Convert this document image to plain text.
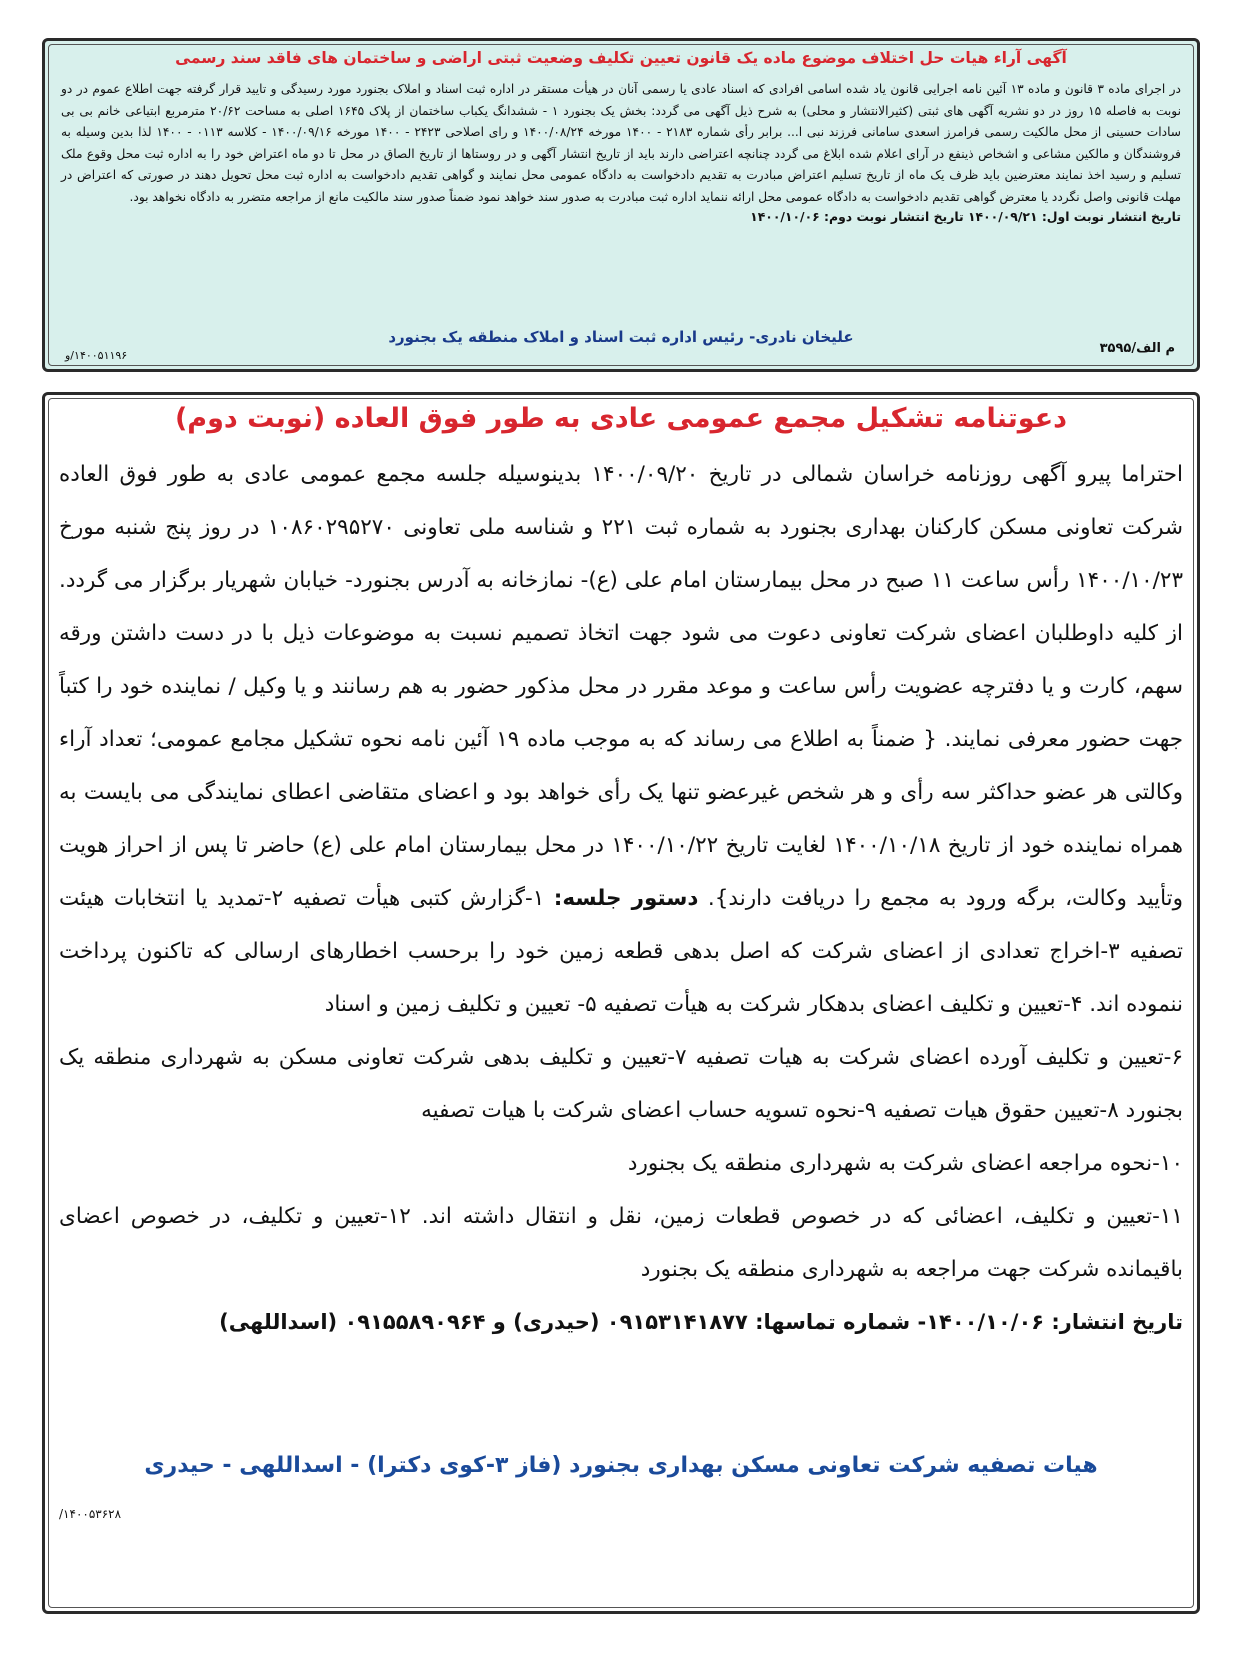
آگهی آراء هیات حل اختلاف موضوع ماده یک قانون تعیین تکلیف وضعیت ثبتی اراضی و ساختمان های فاقد سند رسمی

در اجرای ماده ۳ قانون و ماده ۱۳ آئین نامه اجرایی قانون یاد شده اسامی افرادی که اسناد عادی یا رسمی آنان در هیأت مستقر در اداره ثبت اسناد و املاک بجنورد مورد رسیدگی و تایید قرار گرفته جهت اطلاع عموم در دو نوبت به فاصله ۱۵ روز در دو نشریه آگهی های ثبتی (کثیرالانتشار و محلی) به شرح ذیل آگهی می گردد: بخش یک بجنورد ۱ - ششدانگ یکباب ساختمان از پلاک ۱۶۴۵ اصلی به مساحت ۲۰/۶۲ مترمربع ابتیاعی خانم بی بی سادات حسینی از محل مالکیت رسمی فرامرز اسعدی سامانی فرزند نبی ا... برابر رأی شماره ۲۱۸۳ - ۱۴۰۰ مورخه ۱۴۰۰/۰۸/۲۴ و رای اصلاحی ۲۴۲۳ - ۱۴۰۰ مورخه ۱۴۰۰/۰۹/۱۶ - کلاسه ۰۱۱۳ - ۱۴۰۰ لذا بدین وسیله به فروشندگان و مالکین مشاعی و اشخاص ذینفع در آرای اعلام شده ابلاغ می گردد چنانچه اعتراضی دارند باید از تاریخ انتشار آگهی و در روستاها از تاریخ الصاق در محل تا دو ماه اعتراض خود را به اداره ثبت محل وقوع ملک تسلیم و رسید اخذ نمایند معترضین باید ظرف یک ماه از تاریخ تسلیم اعتراض مبادرت به تقدیم دادخواست به دادگاه عمومی محل نمایند و گواهی تقدیم دادخواست به اداره ثبت محل تحویل دهند در صورتی که اعتراض در مهلت قانونی واصل نگردد یا معترض گواهی تقدیم دادخواست به دادگاه عمومی محل ارائه ننماید اداره ثبت مبادرت به صدور سند خواهد نمود ضمناً صدور سند مالکیت مانع از مراجعه متضرر به دادگاه نخواهد بود.

تاریخ انتشار نوبت اول: ۱۴۰۰/۰۹/۲۱ تاریخ انتشار نوبت دوم: ۱۴۰۰/۱۰/۰۶
علیخان نادری- رئیس اداره ثبت اسناد و املاک منطقه یک بجنورد
م الف/۳۵۹۵
۱۴۰۰۵۱۱۹۶/و

دعوتنامه تشکیل مجمع عمومی عادی به طور فوق العاده (نوبت دوم)

احتراما پیرو آگهی روزنامه خراسان شمالی در تاریخ ۱۴۰۰/۰۹/۲۰ بدینوسیله جلسه مجمع عمومی عادی به طور فوق العاده شرکت تعاونی مسکن کارکنان بهداری بجنورد به شماره ثبت ۲۲۱ و شناسه ملی تعاونی ۱۰۸۶۰۲۹۵۲۷۰ در روز پنج شنبه مورخ ۱۴۰۰/۱۰/۲۳ رأس ساعت ۱۱ صبح در محل بیمارستان امام علی (ع)- نمازخانه به آدرس بجنورد- خیابان شهریار برگزار می گردد. از کلیه داوطلبان اعضای شرکت تعاونی دعوت می شود جهت اتخاذ تصمیم نسبت به موضوعات ذیل با در دست داشتن ورقه سهم، کارت و یا دفترچه عضویت رأس ساعت و موعد مقرر در محل مذکور حضور به هم رسانند و یا وکیل / نماینده خود را کتباً جهت حضور معرفی نمایند. { ضمناً به اطلاع می رساند که به موجب ماده ۱۹ آئین نامه نحوه تشکیل مجامع عمومی؛ تعداد آراء وکالتی هر عضو حداکثر سه رأی و هر شخص غیرعضو تنها یک رأی خواهد بود و اعضای متقاضی اعطای نمایندگی می بایست به همراه نماینده خود از تاریخ ۱۴۰۰/۱۰/۱۸ لغایت تاریخ ۱۴۰۰/۱۰/۲۲ در محل بیمارستان امام علی (ع) حاضر تا پس از احراز هویت وتأیید وکالت، برگه ورود به مجمع را دریافت دارند}. دستور جلسه: ۱-گزارش کتبی هیأت تصفیه ۲-تمدید یا انتخابات هیئت تصفیه ۳-اخراج تعدادی از اعضای شرکت که اصل بدهی قطعه زمین خود را برحسب اخطارهای ارسالی که تاکنون پرداخت ننموده اند. ۴-تعیین و تکلیف اعضای بدهکار شرکت به هیأت تصفیه ۵- تعیین و تکلیف زمین و اسناد
۶-تعیین و تکلیف آورده اعضای شرکت به هیات تصفیه ۷-تعیین و تکلیف بدهی شرکت تعاونی مسکن به شهرداری منطقه یک بجنورد ۸-تعیین حقوق هیات تصفیه ۹-نحوه تسویه حساب اعضای شرکت با هیات تصفیه
۱۰-نحوه مراجعه اعضای شرکت به شهرداری منطقه یک بجنورد
۱۱-تعیین و تکلیف، اعضائی که در خصوص قطعات زمین، نقل و انتقال داشته اند. ۱۲-تعیین و تکلیف، در خصوص اعضای باقیمانده شرکت جهت مراجعه به شهرداری منطقه یک بجنورد

تاریخ انتشار: ۱۴۰۰/۱۰/۰۶- شماره تماسها: ۰۹۱۵۳۱۴۱۸۷۷ (حیدری) و ۰۹۱۵۵۸۹۰۹۶۴ (اسداللهی)
هیات تصفیه شرکت تعاونی مسکن بهداری بجنورد (فاز ۳-کوی دکترا) - اسداللهی - حیدری
۱۴۰۰۵۳۶۲۸/
